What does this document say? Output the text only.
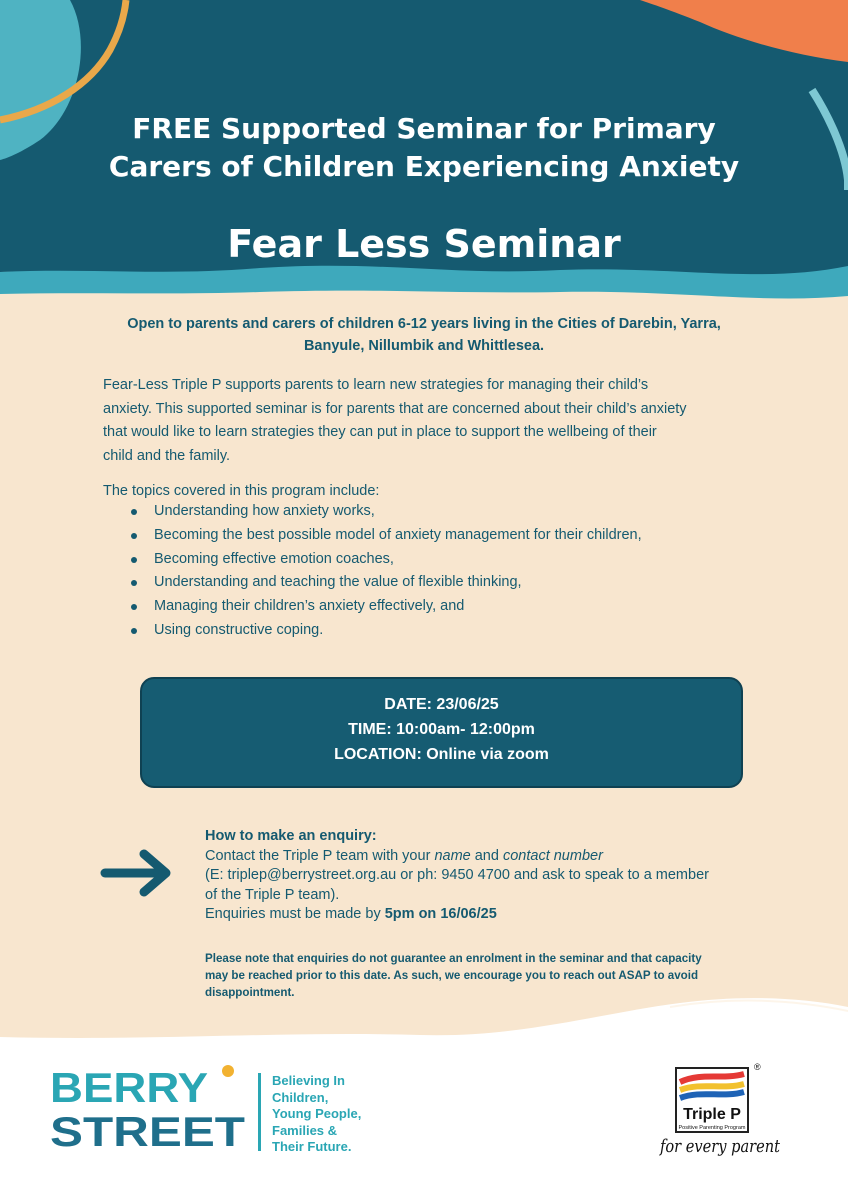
FREE Supported Seminar for Primary
Carers of Children Experiencing Anxiety
Fear Less Seminar
Open to parents and carers of children 6-12 years living in the Cities of Darebin, Yarra,
Banyule, Nillumbik and Whittlesea.
Fear-Less Triple P supports parents to learn new strategies for managing their child’s
anxiety. This supported seminar is for parents that are concerned about their child’s anxiety
that would like to learn strategies they can put in place to support the wellbeing of their
child and the family.
The topics covered in this program include:
Understanding how anxiety works,
Becoming the best possible model of anxiety management for their children,
Becoming effective emotion coaches,
Understanding and teaching the value of flexible thinking,
Managing their children’s anxiety effectively, and
Using constructive coping.
DATE: 23/06/25
TIME: 10:00am- 12:00pm
LOCATION: Online via zoom
How to make an enquiry:
Contact the Triple P team with your name and contact number
(E: triplep@berrystreet.org.au or ph: 9450 4700 and ask to speak to a member
of the Triple P team).
Enquiries must be made by 5pm on 16/06/25
Please note that enquiries do not guarantee an enrolment in the seminar and that capacity
may be reached prior to this date. As such, we encourage you to reach out ASAP to avoid
disappointment.
BERRY
STREET
Believing In
Children,
Young People,
Families &
Their Future.
Triple P
Positive Parenting Program
®
for every parent
